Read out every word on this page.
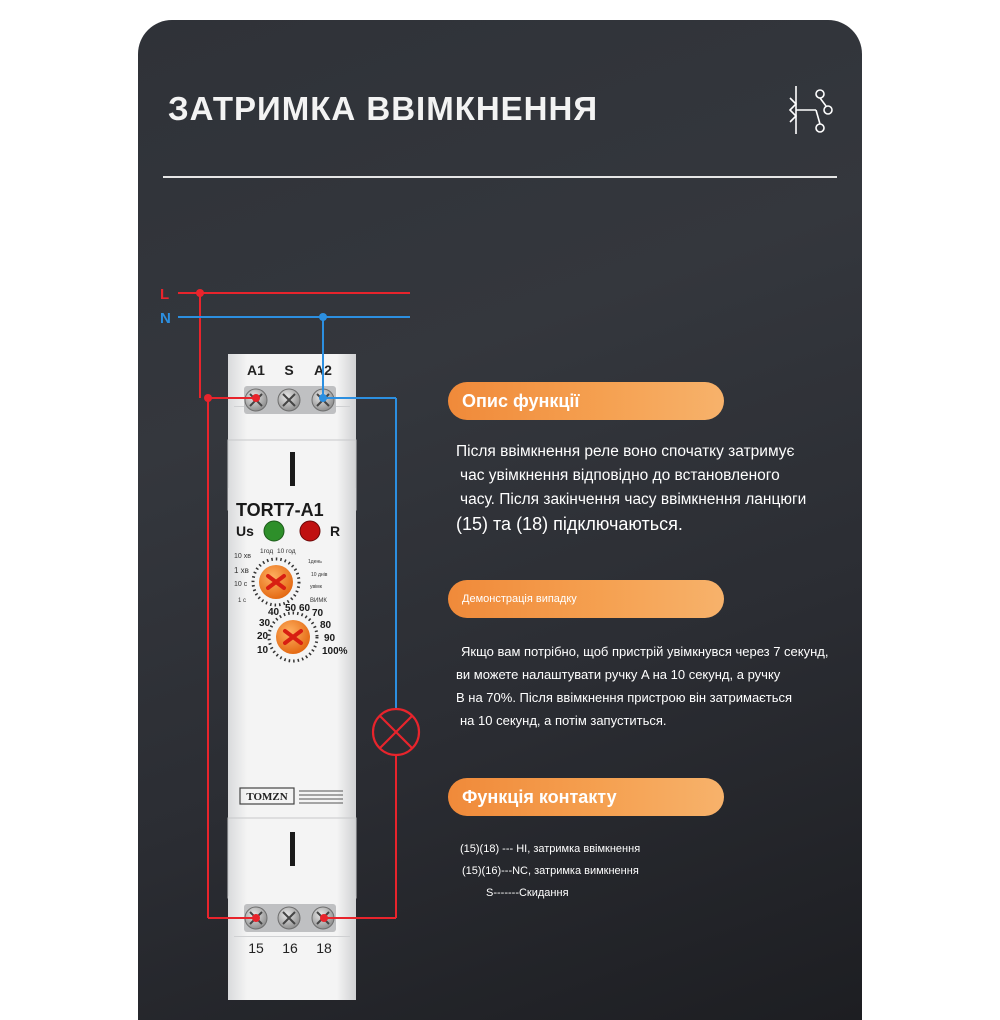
ЗАТРИМКА ВВІМКНЕННЯ
L
N
A1 S A2
TORT7-A1
Us	R
1год 10 год
10 хв
1 хв
10 с
1 с
1день
10 днів
увімк
ВИМК
10
20
30
40 50 60 70
80
90
100%
TOMZN
15 16 18
Опис функції

Після ввімкнення реле воно спочатку затримує

час увімкнення відповідно до встановленого

часу. Після закінчення часу ввімкнення ланцюги

(15) та (18) підключаються.

Демонстрація випадку

Якщо вам потрібно, щоб пристрій увімкнувся через 7 секунд,

ви можете налаштувати ручку A на 10 секунд, а ручку

B на 70%. Після ввімкнення пристрою він затримається

на 10 секунд, а потім запуститься.

Функція контакту

(15)(18) --- НІ, затримка ввімкнення

(15)(16)---NC, затримка вимкнення

S-------Скидання
